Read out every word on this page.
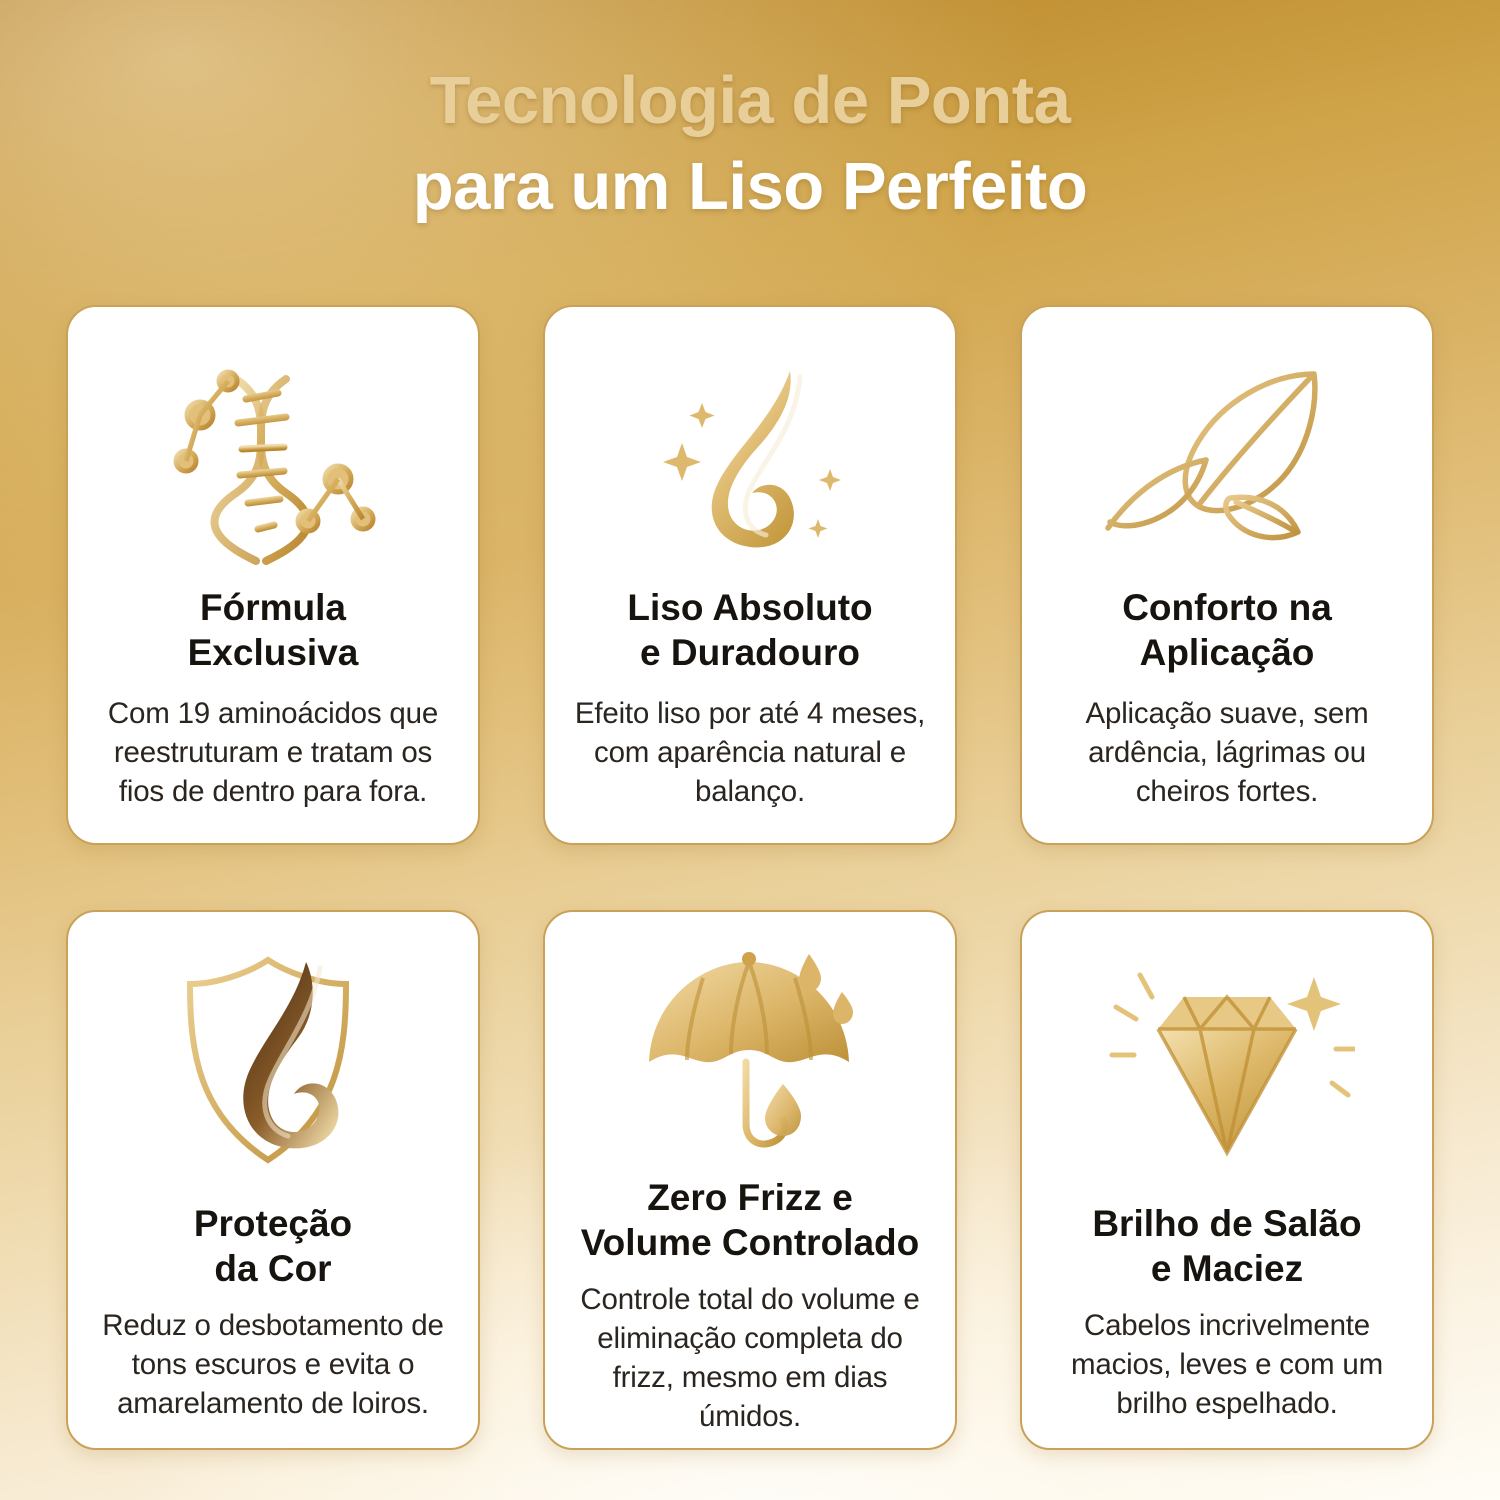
Tecnologia de Ponta
para um Liso Perfeito
Fórmula
Exclusiva
Com 19 aminoácidos que reestruturam e tratam os fios de dentro para fora.
Liso Absoluto
e Duradouro
Efeito liso por até 4 meses, com aparência natural e balanço.
Conforto na
Aplicação
Aplicação suave, sem ardência, lágrimas ou cheiros fortes.
Proteção
da Cor
Reduz o desbotamento de tons escuros e evita o amarelamento de loiros.
Zero Frizz e
Volume Controlado
Controle total do volume e eliminação completa do frizz, mesmo em dias úmidos.
Brilho de Salão
e Maciez
Cabelos incrivelmente macios, leves e com um brilho espelhado.
